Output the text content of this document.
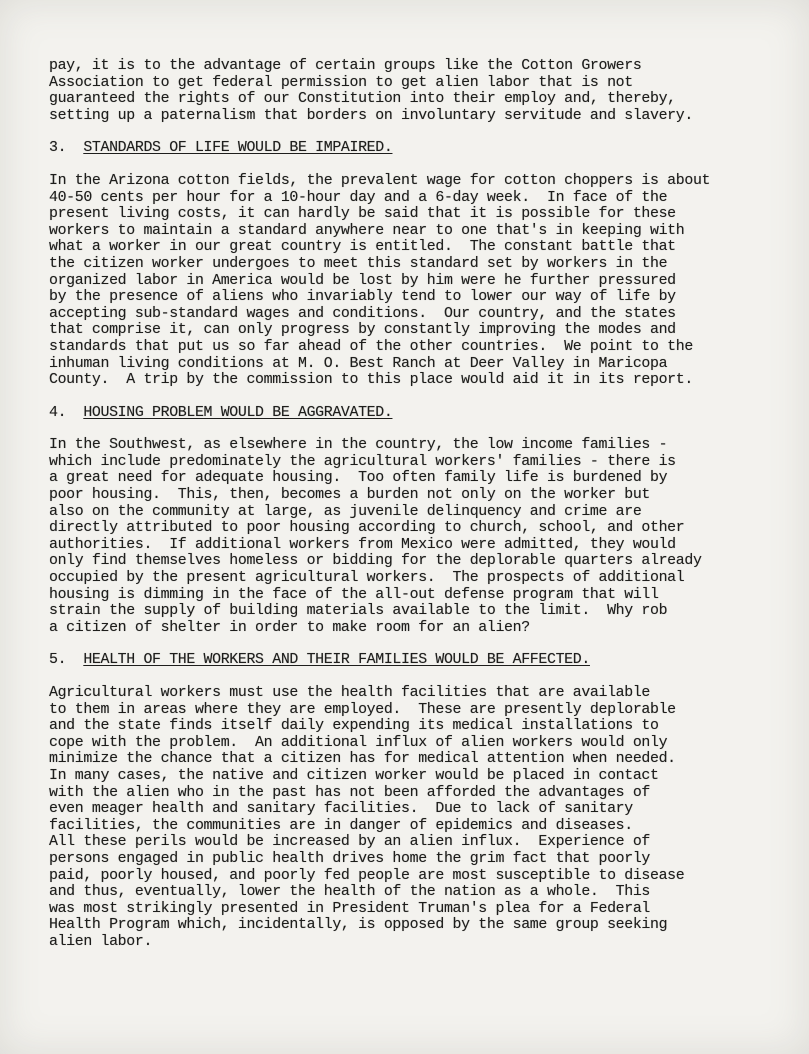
pay, it is to the advantage of certain groups like the Cotton Growers
Association to get federal permission to get alien labor that is not
guaranteed the rights of our Constitution into their employ and, thereby,
setting up a paternalism that borders on involuntary servitude and slavery.
3. STANDARDS OF LIFE WOULD BE IMPAIRED.
In the Arizona cotton fields, the prevalent wage for cotton choppers is about
40-50 cents per hour for a 10-hour day and a 6-day week.  In face of the
present living costs, it can hardly be said that it is possible for these
workers to maintain a standard anywhere near to one that's in keeping with
what a worker in our great country is entitled.  The constant battle that
the citizen worker undergoes to meet this standard set by workers in the
organized labor in America would be lost by him were he further pressured
by the presence of aliens who invariably tend to lower our way of life by
accepting sub-standard wages and conditions.  Our country, and the states
that comprise it, can only progress by constantly improving the modes and
standards that put us so far ahead of the other countries.  We point to the
inhuman living conditions at M. O. Best Ranch at Deer Valley in Maricopa
County.  A trip by the commission to this place would aid it in its report.
4. HOUSING PROBLEM WOULD BE AGGRAVATED.
In the Southwest, as elsewhere in the country, the low income families -
which include predominately the agricultural workers' families - there is
a great need for adequate housing.  Too often family life is burdened by
poor housing.  This, then, becomes a burden not only on the worker but
also on the community at large, as juvenile delinquency and crime are
directly attributed to poor housing according to church, school, and other
authorities.  If additional workers from Mexico were admitted, they would
only find themselves homeless or bidding for the deplorable quarters already
occupied by the present agricultural workers.  The prospects of additional
housing is dimming in the face of the all-out defense program that will
strain the supply of building materials available to the limit.  Why rob
a citizen of shelter in order to make room for an alien?
5. HEALTH OF THE WORKERS AND THEIR FAMILIES WOULD BE AFFECTED.
Agricultural workers must use the health facilities that are available
to them in areas where they are employed.  These are presently deplorable
and the state finds itself daily expending its medical installations to
cope with the problem.  An additional influx of alien workers would only
minimize the chance that a citizen has for medical attention when needed.
In many cases, the native and citizen worker would be placed in contact
with the alien who in the past has not been afforded the advantages of
even meager health and sanitary facilities.  Due to lack of sanitary
facilities, the communities are in danger of epidemics and diseases.
All these perils would be increased by an alien influx.  Experience of
persons engaged in public health drives home the grim fact that poorly
paid, poorly housed, and poorly fed people are most susceptible to disease
and thus, eventually, lower the health of the nation as a whole.  This
was most strikingly presented in President Truman's plea for a Federal
Health Program which, incidentally, is opposed by the same group seeking
alien labor.
